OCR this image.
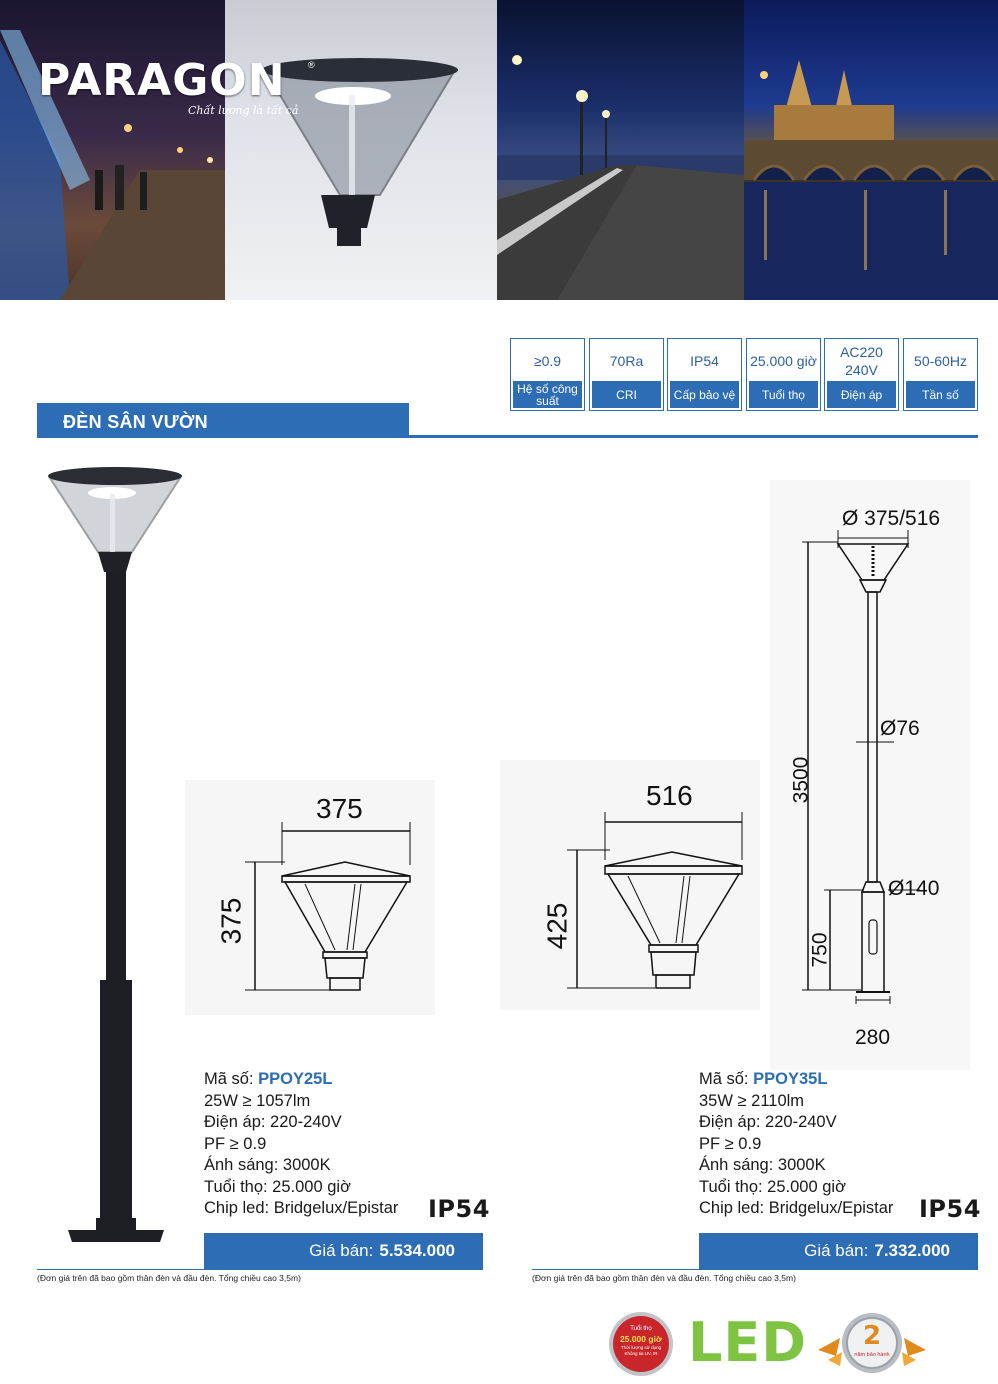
PARAGON	®
Chất lượng là tất cả
≥0.9
Hệ số công suất
70Ra
CRI
IP54
Cấp bảo vệ
25.000 giờ
Tuổi thọ
AC220 240V
Điện áp
50-60Hz
Tần số
ĐÈN SÂN VƯỜN
375
375
516
425
Ø 375/516
Ø76
3500
Ø140
750
280
Mã số: PPOY25L
25W ≥ 1057lm
Điện áp: 220-240V
PF ≥ 0.9
Ánh sáng: 3000K
Tuổi thọ: 25.000 giờ
Chip led: Bridgelux/Epistar	IP54
Giá bán: 5.534.000
(Đơn giá trên đã bao gồm thân đèn và đầu đèn. Tổng chiều cao 3,5m)
Mã số: PPOY35L
35W ≥ 2110lm
Điện áp: 220-240V
PF ≥ 0.9
Ánh sáng: 3000K
Tuổi thọ: 25.000 giờ
Chip led: Bridgelux/Epistar	IP54
Giá bán: 7.332.000
(Đơn giá trên đã bao gồm thân đèn và đầu đèn. Tổng chiều cao 3,5m)
Tuổi thọ
25.000 giờ
Thời lượng sử dụng
Không tia UV, IR LED	2
năm bảo hành
